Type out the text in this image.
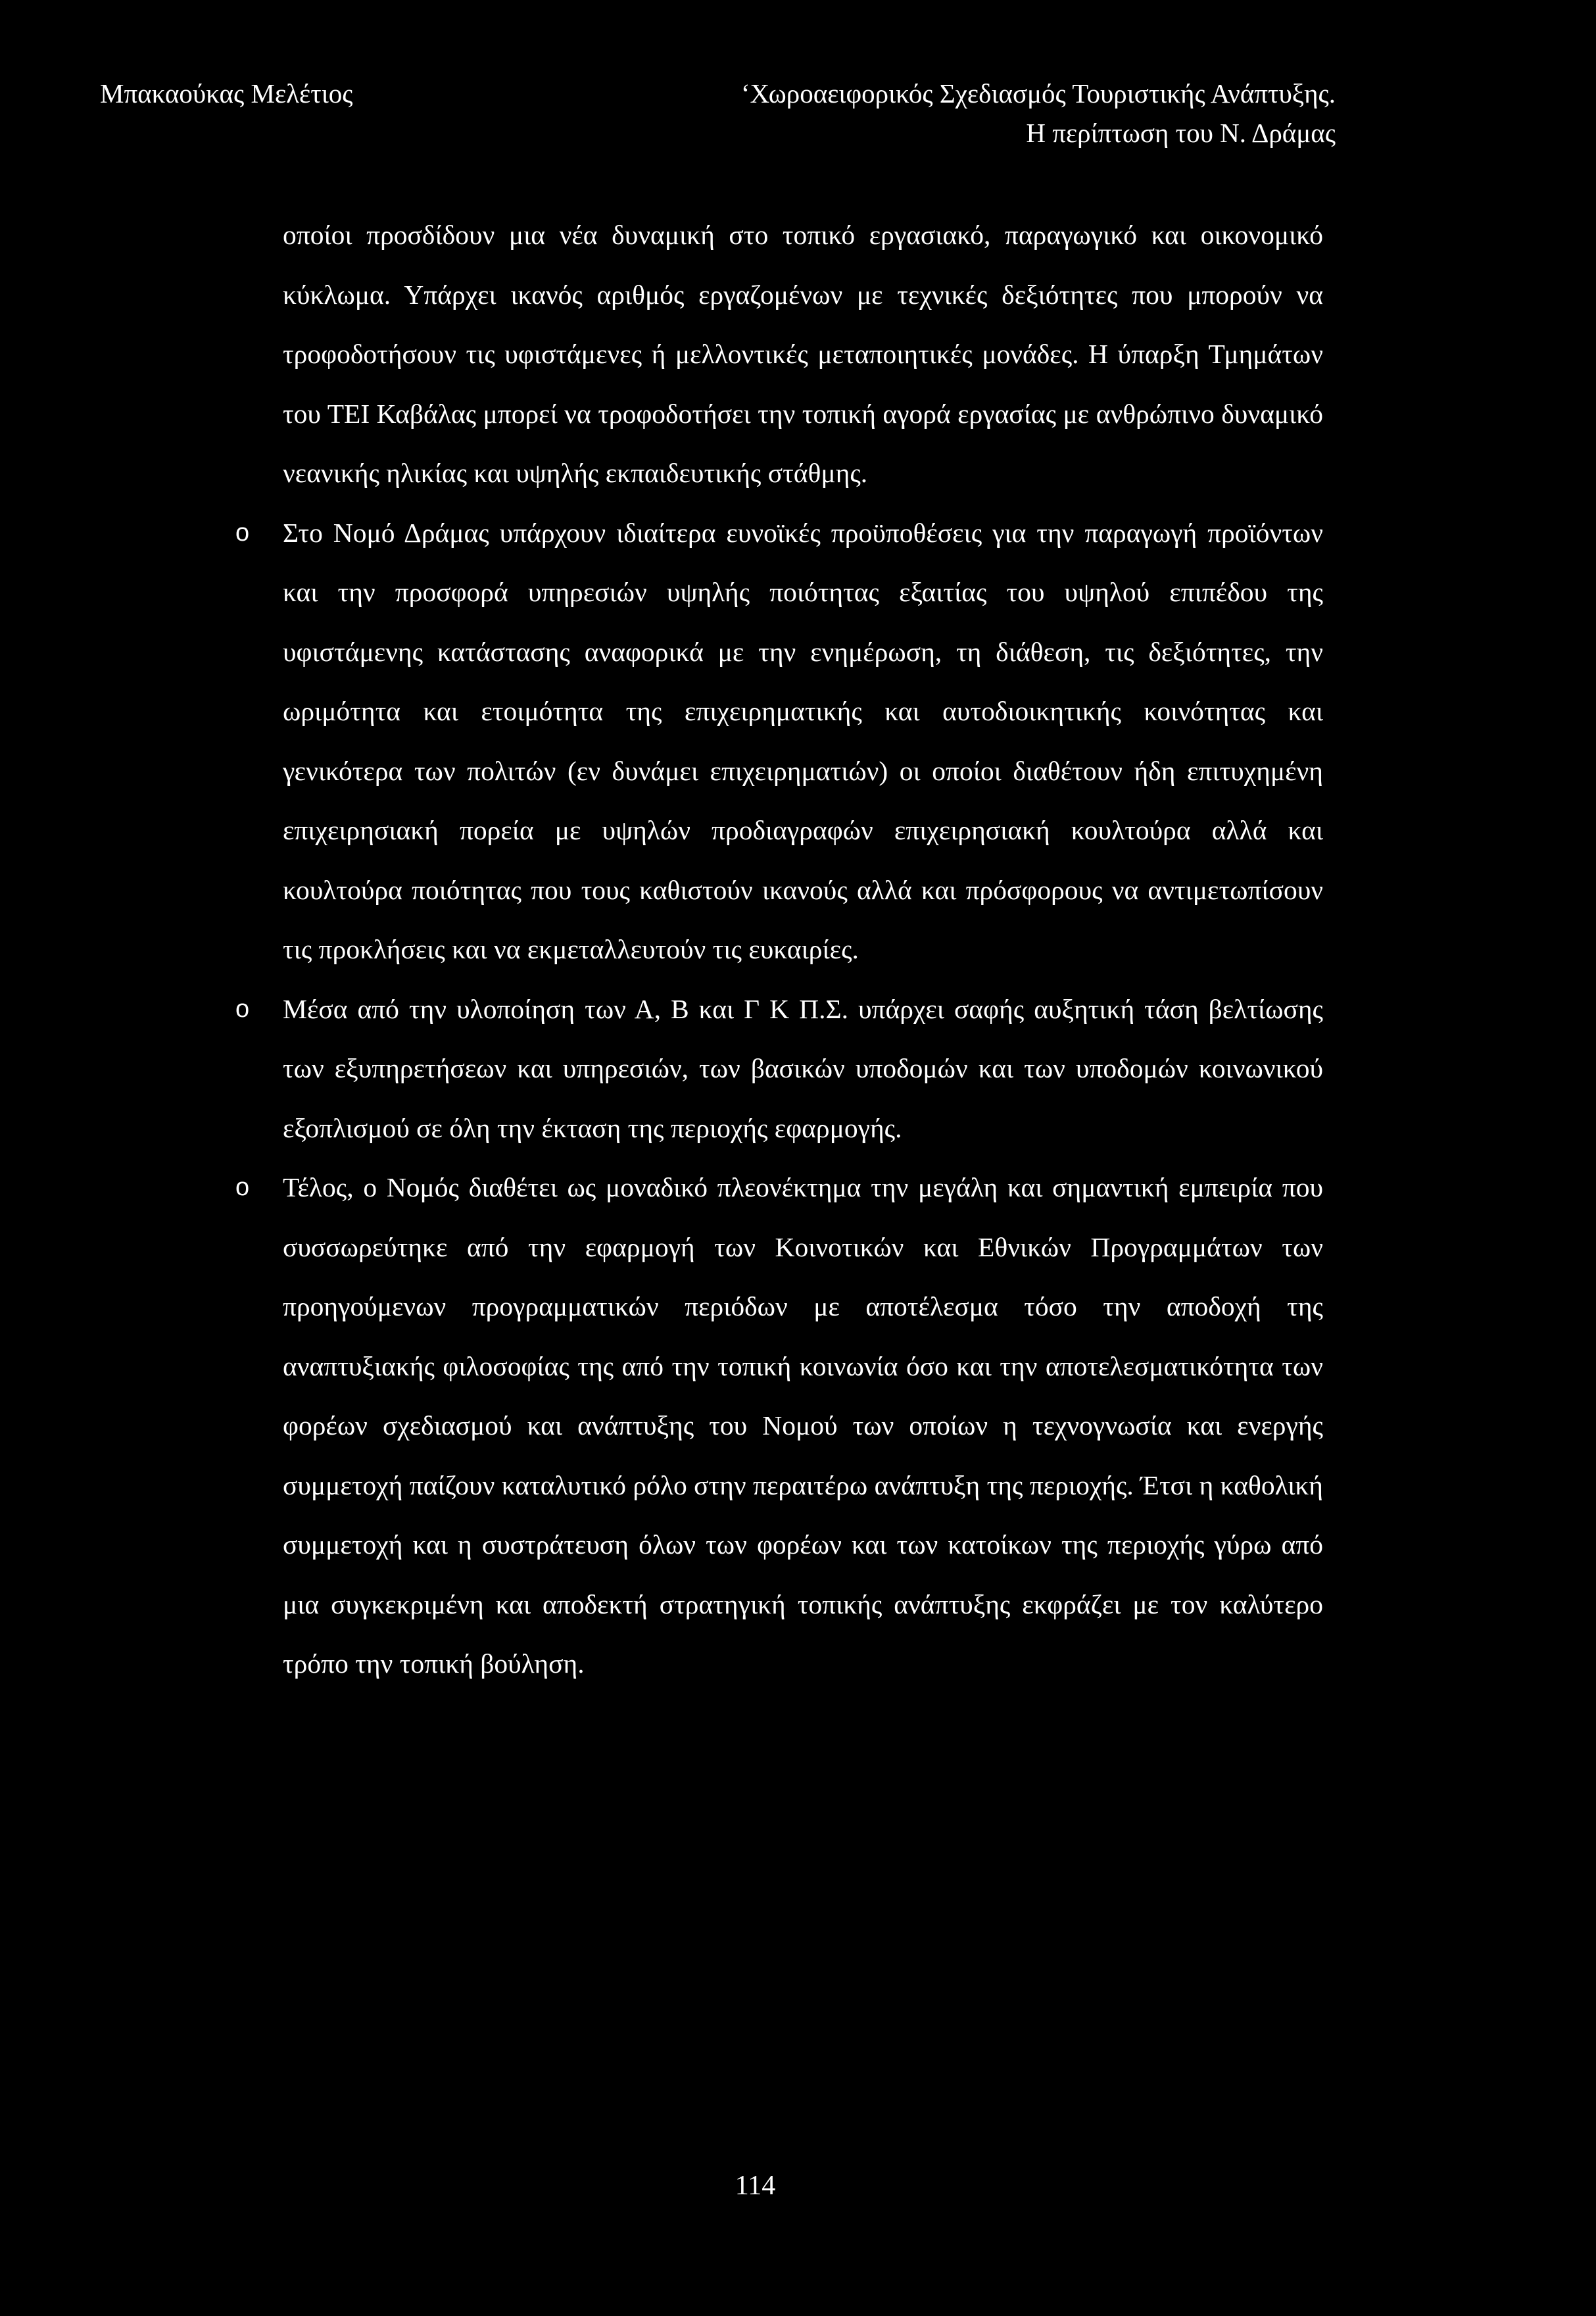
Μπακαούκας Μελέτιος	‘Χωροαειφορικός Σχεδιασμός Τουριστικής Ανάπτυξης.
Η περίπτωση του Ν. Δράμας

οποίοι προσδίδουν μια νέα δυναμική στο τοπικό εργασιακό, παραγωγικό και οικονομικό κύκλωμα. Υπάρχει ικανός αριθμός εργαζομένων με τεχνικές δεξιότητες που μπορούν να τροφοδοτήσουν τις υφιστάμενες ή μελλοντικές μεταποιητικές μονάδες. Η ύπαρξη Τμημάτων του ΤΕΙ Καβάλας μπορεί να τροφοδοτήσει την τοπική αγορά εργασίας με ανθρώπινο δυναμικό νεανικής ηλικίας και υψηλής εκπαιδευτικής στάθμης.

o Στο Νομό Δράμας υπάρχουν ιδιαίτερα ευνοϊκές προϋποθέσεις για την παραγωγή προϊόντων και την προσφορά υπηρεσιών υψηλής ποιότητας εξαιτίας του υψηλού επιπέδου της υφιστάμενης κατάστασης αναφορικά με την ενημέρωση, τη διάθεση, τις δεξιότητες, την ωριμότητα και ετοιμότητα της επιχειρηματικής και αυτοδιοικητικής κοινότητας και γενικότερα των πολιτών (εν δυνάμει επιχειρηματιών) οι οποίοι διαθέτουν ήδη επιτυχημένη επιχειρησιακή πορεία με υψηλών προδιαγραφών επιχειρησιακή κουλτούρα αλλά και κουλτούρα ποιότητας που τους καθιστούν ικανούς αλλά και πρόσφορους να αντιμετωπίσουν τις προκλήσεις και να εκμεταλλευτούν τις ευκαιρίες.
o Μέσα από την υλοποίηση των Α, Β και Γ Κ Π.Σ. υπάρχει σαφής αυξητική τάση βελτίωσης των εξυπηρετήσεων και υπηρεσιών, των βασικών υποδομών και των υποδομών κοινωνικού εξοπλισμού σε όλη την έκταση της περιοχής εφαρμογής.
o Τέλος, ο Νομός διαθέτει ως μοναδικό πλεονέκτημα την μεγάλη και σημαντική εμπειρία που συσσωρεύτηκε από την εφαρμογή των Κοινοτικών και Εθνικών Προγραμμάτων των προηγούμενων προγραμματικών περιόδων με αποτέλεσμα τόσο την αποδοχή της αναπτυξιακής φιλοσοφίας της από την τοπική κοινωνία όσο και την αποτελεσματικότητα των φορέων σχεδιασμού και ανάπτυξης του Νομού των οποίων η τεχνογνωσία και ενεργής συμμετοχή παίζουν καταλυτικό ρόλο στην περαιτέρω ανάπτυξη της περιοχής. Έτσι η καθολική συμμετοχή και η συστράτευση όλων των φορέων και των κατοίκων της περιοχής γύρω από μια συγκεκριμένη και αποδεκτή στρατηγική τοπικής ανάπτυξης εκφράζει με τον καλύτερο τρόπο την τοπική βούληση.
114
